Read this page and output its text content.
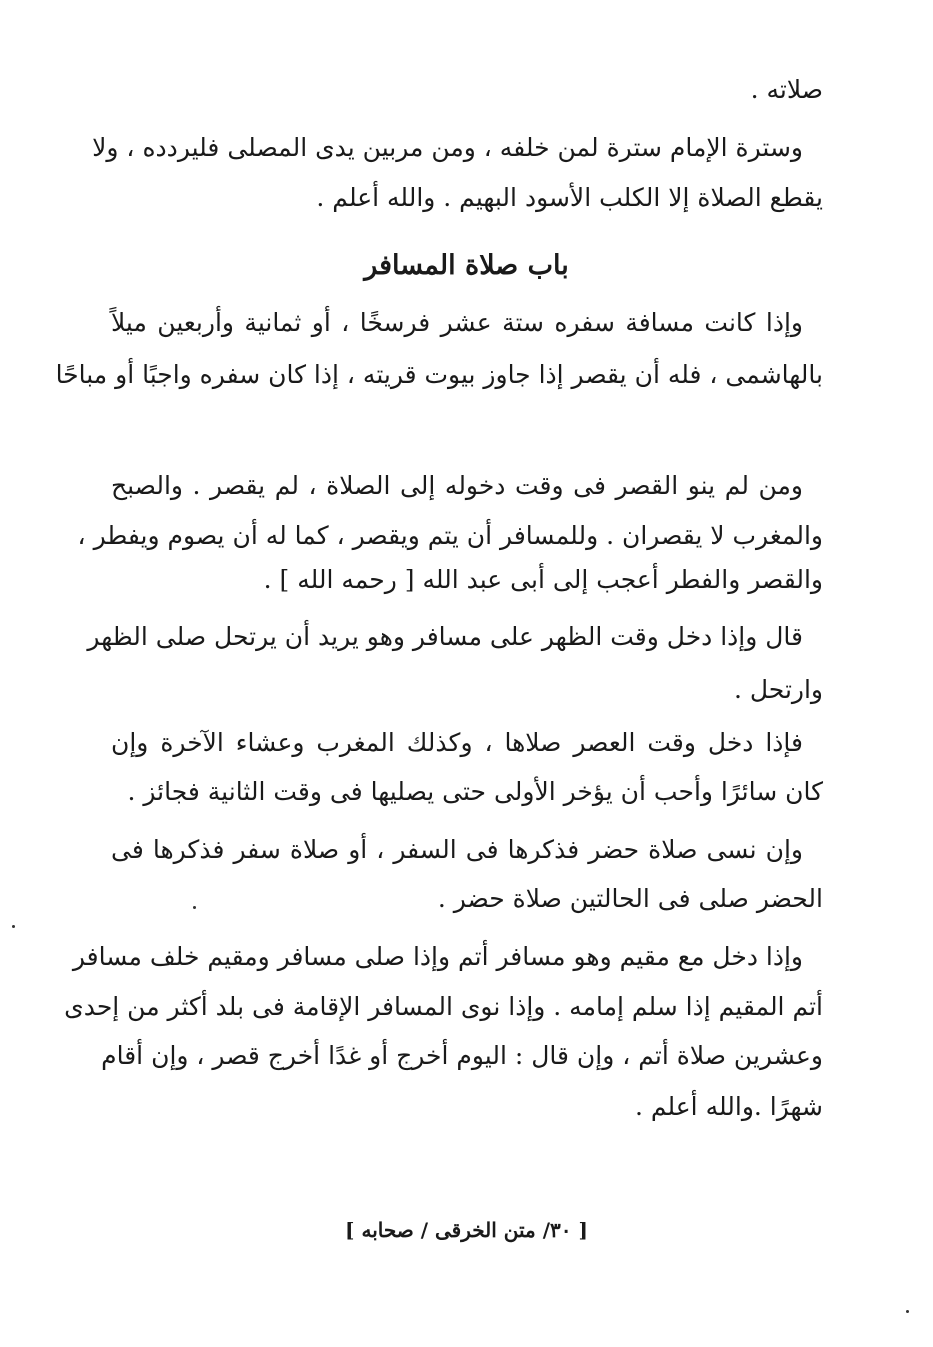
صلاته .
وسترة الإمام سترة لمن خلفه ، ومن مربين يدى المصلى فليردده ، ولا
يقطع الصلاة إلا الكلب الأسود البهيم . والله أعلم .
باب صلاة المسافر
وإذا كانت مسافة سفره ستة عشر فرسخًا ، أو ثمانية وأربعين ميلاً
بالهاشمى ، فله أن يقصر إذا جاوز بيوت قريته ، إذا كان سفره واجبًا أو مباحًا
ومن لم ينو القصر فى وقت دخوله إلى الصلاة ، لم يقصر . والصبح
والمغرب لا يقصران . وللمسافر أن يتم ويقصر ، كما له أن يصوم ويفطر ،
والقصر والفطر أعجب إلى أبى عبد الله [ رحمه الله ] .
قال وإذا دخل وقت الظهر على مسافر وهو يريد أن يرتحل صلى الظهر
وارتحل .
فإذا دخل وقت العصر صلاها ، وكذلك المغرب وعشاء الآخرة وإن
كان سائرًا وأحب أن يؤخر الأولى حتى يصليها فى وقت الثانية فجائز .
وإن نسى صلاة حضر فذكرها فى السفر ، أو صلاة سفر فذكرها فى
الحضر صلى فى الحالتين صلاة حضر .
وإذا دخل مع مقيم وهو مسافر أتم وإذا صلى مسافر ومقيم خلف مسافر
أتم المقيم إذا سلم إمامه . وإذا نوى المسافر الإقامة فى بلد أكثر من إحدى
وعشرين صلاة أتم ، وإن قال : اليوم أخرج أو غدًا أخرج قصر ، وإن أقام
شهرًا .والله أعلم .
[ ٣٠/ متن الخرقى / صحابه ]
